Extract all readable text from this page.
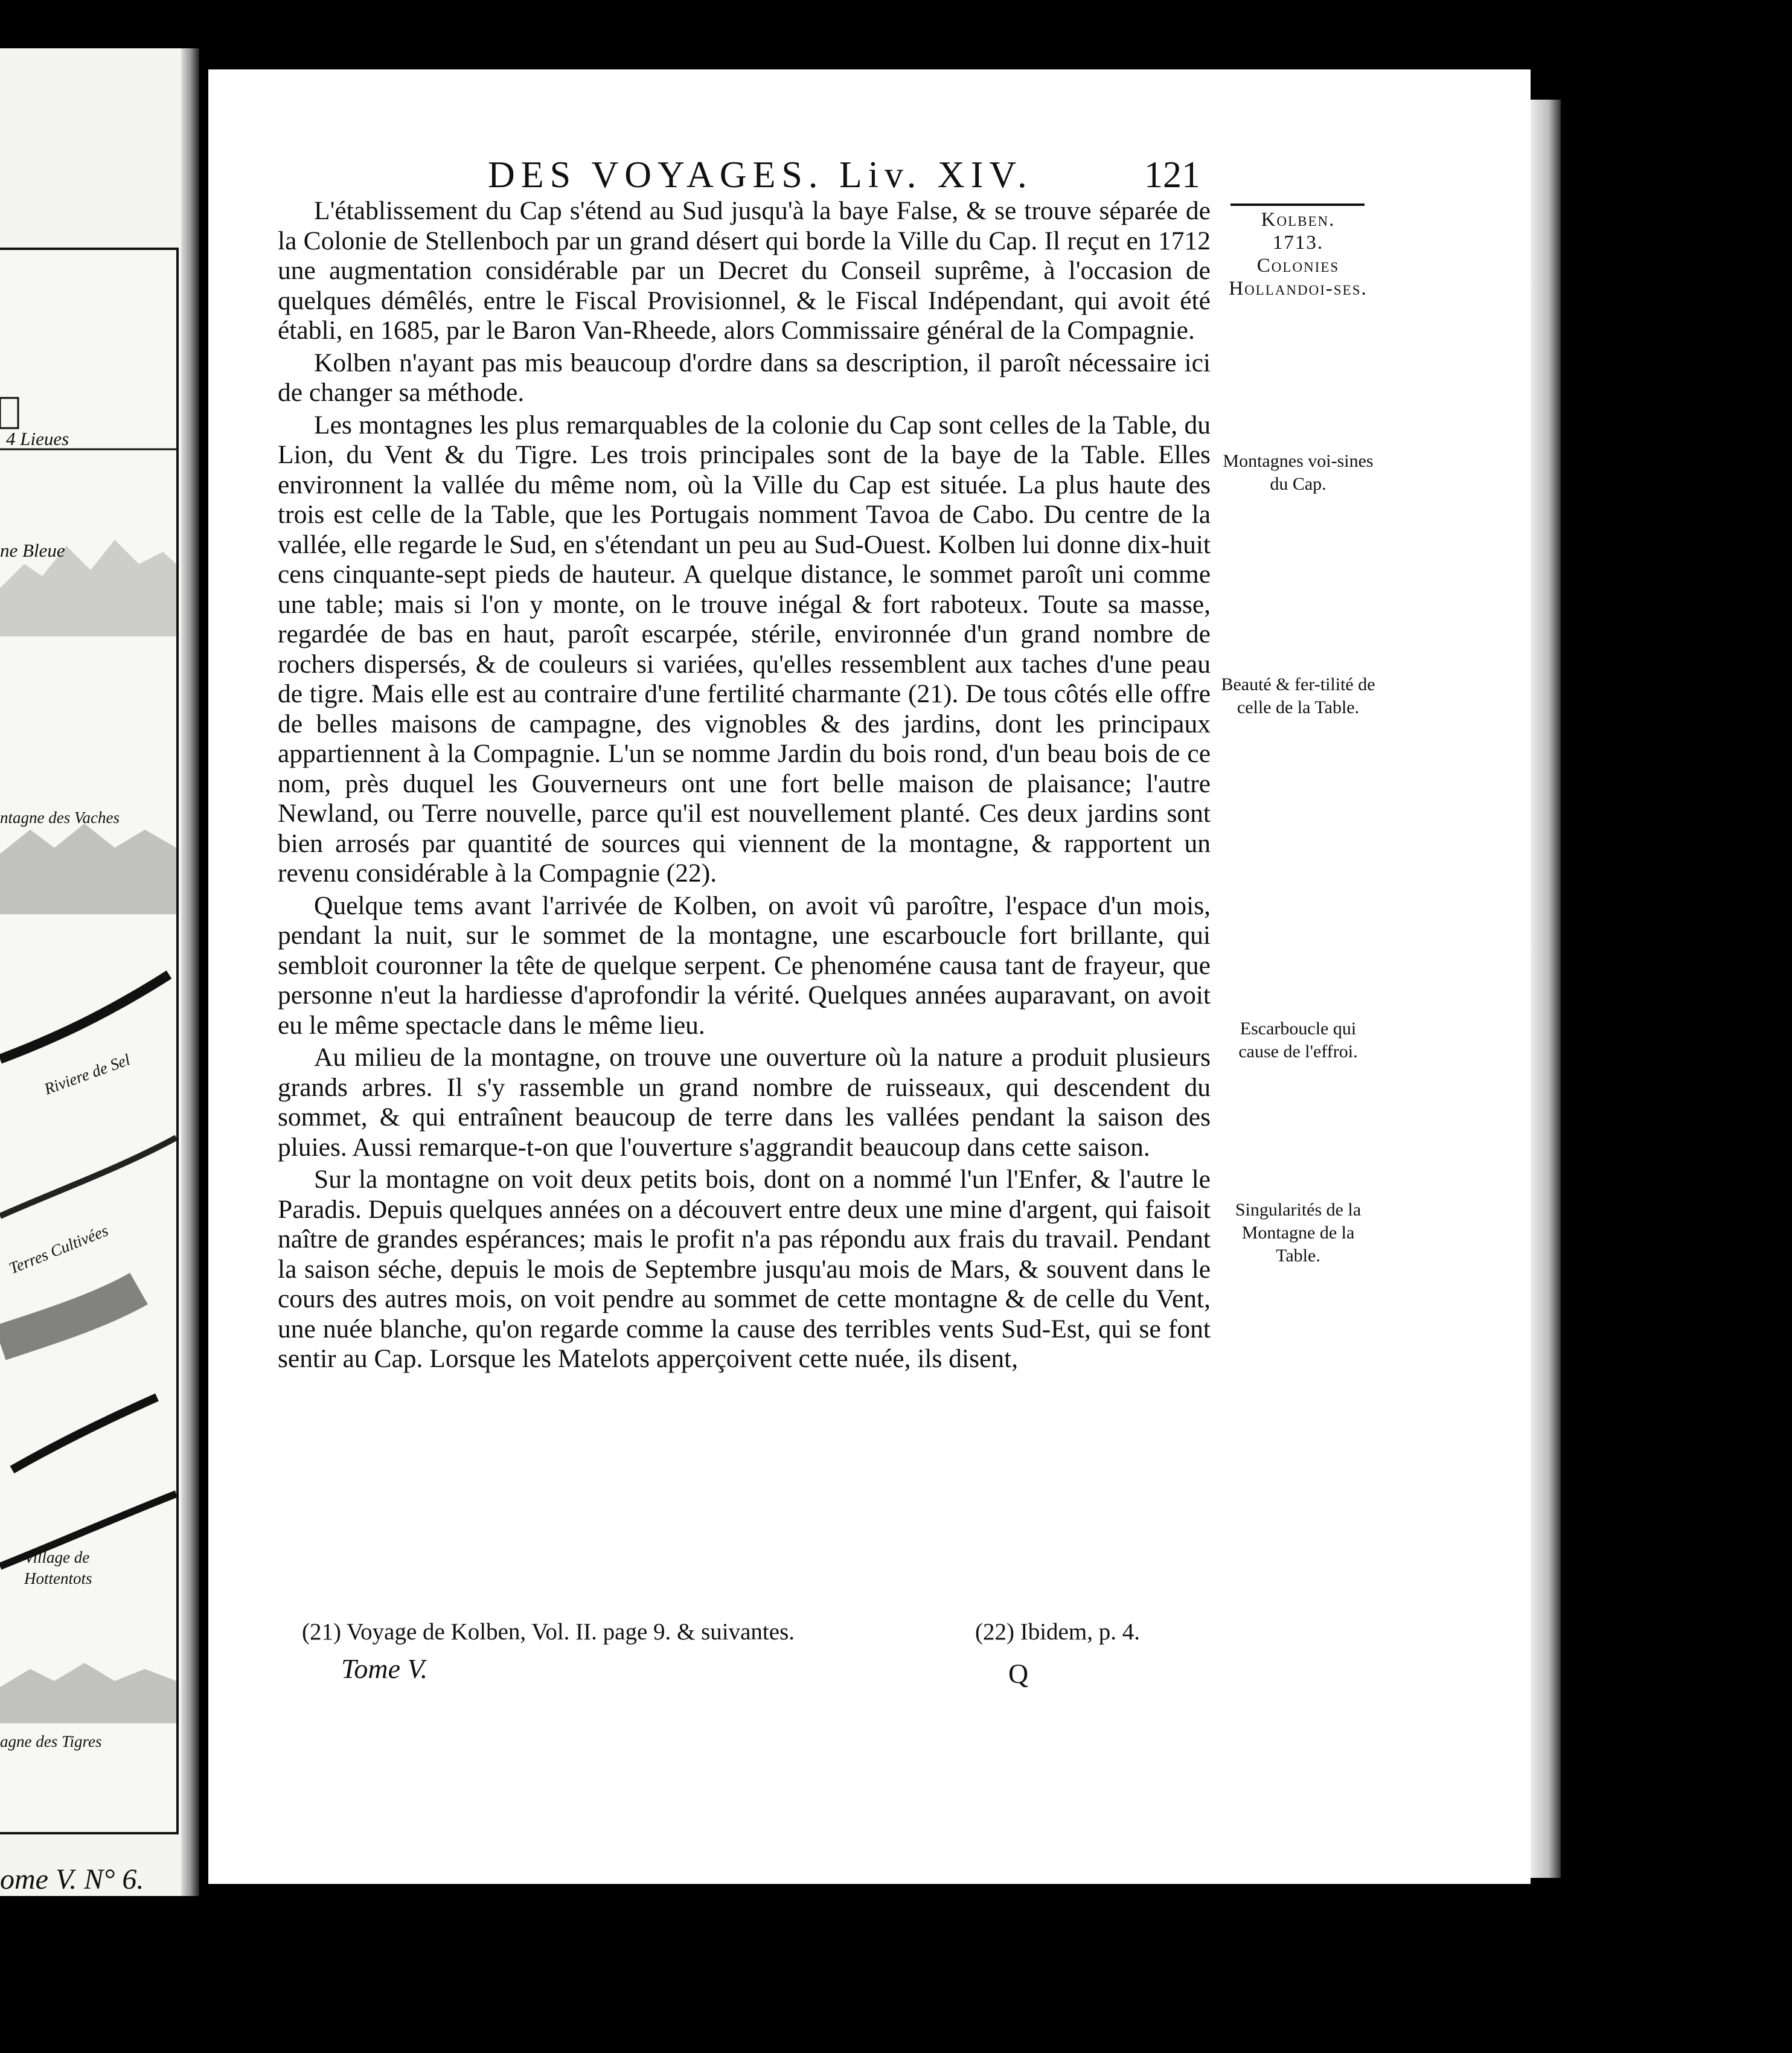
4 Lieues
ne Bleue
ntagne des Vaches
Riviere de Sel
Terres Cultivées
Village de
Hottentots
agne des Tigres
ome V. N° 6.
DES VOYAGES. Liv. XIV.	121
Kolben.
1713.
Colonies Hollandoi-ses.
Montagnes voi-sines du Cap.
Beauté & fer-tilité de celle de la Table.
Escarboucle qui cause de l'effroi.
Singularités de la Montagne de la Table.

L'établissement du Cap s'étend au Sud jusqu'à la baye False, & se trouve séparée de la Colonie de Stellenboch par un grand désert qui borde la Ville du Cap. Il reçut en 1712 une augmentation considérable par un Decret du Conseil suprême, à l'occasion de quelques démêlés, entre le Fiscal Provisionnel, & le Fiscal Indépendant, qui avoit été établi, en 1685, par le Baron Van-Rheede, alors Commissaire général de la Compagnie.

Kolben n'ayant pas mis beaucoup d'ordre dans sa description, il paroît nécessaire ici de changer sa méthode.

Les montagnes les plus remarquables de la colonie du Cap sont celles de la Table, du Lion, du Vent & du Tigre. Les trois principales sont de la baye de la Table. Elles environnent la vallée du même nom, où la Ville du Cap est située. La plus haute des trois est celle de la Table, que les Portugais nomment Tavoa de Cabo. Du centre de la vallée, elle regarde le Sud, en s'étendant un peu au Sud-Ouest. Kolben lui donne dix-huit cens cinquante-sept pieds de hauteur. A quelque distance, le sommet paroît uni comme une table; mais si l'on y monte, on le trouve inégal & fort raboteux. Toute sa masse, regardée de bas en haut, paroît escarpée, stérile, environnée d'un grand nombre de rochers dispersés, & de couleurs si variées, qu'elles ressemblent aux taches d'une peau de tigre. Mais elle est au contraire d'une fertilité charmante (21). De tous côtés elle offre de belles maisons de campagne, des vignobles & des jardins, dont les principaux appartiennent à la Compagnie. L'un se nomme Jardin du bois rond, d'un beau bois de ce nom, près duquel les Gouverneurs ont une fort belle maison de plaisance; l'autre Newland, ou Terre nouvelle, parce qu'il est nouvellement planté. Ces deux jardins sont bien arrosés par quantité de sources qui viennent de la montagne, & rapportent un revenu considérable à la Compagnie (22).

Quelque tems avant l'arrivée de Kolben, on avoit vû paroître, l'espace d'un mois, pendant la nuit, sur le sommet de la montagne, une escarboucle fort brillante, qui sembloit couronner la tête de quelque serpent. Ce phenoméne causa tant de frayeur, que personne n'eut la hardiesse d'aprofondir la vérité. Quelques années auparavant, on avoit eu le même spectacle dans le même lieu.

Au milieu de la montagne, on trouve une ouverture où la nature a produit plusieurs grands arbres. Il s'y rassemble un grand nombre de ruisseaux, qui descendent du sommet, & qui entraînent beaucoup de terre dans les vallées pendant la saison des pluies. Aussi remarque-t-on que l'ouverture s'aggrandit beaucoup dans cette saison.

Sur la montagne on voit deux petits bois, dont on a nommé l'un l'Enfer, & l'autre le Paradis. Depuis quelques années on a découvert entre deux une mine d'argent, qui faisoit naître de grandes espérances; mais le profit n'a pas répondu aux frais du travail. Pendant la saison séche, depuis le mois de Septembre jusqu'au mois de Mars, & souvent dans le cours des autres mois, on voit pendre au sommet de cette montagne & de celle du Vent, une nuée blanche, qu'on regarde comme la cause des terribles vents Sud-Est, qui se font sentir au Cap. Lorsque les Matelots apperçoivent cette nuée, ils disent,

(21) Voyage de Kolben, Vol. II. page 9. & suivantes.	(22) Ibidem, p. 4.
Tome V.	Q
